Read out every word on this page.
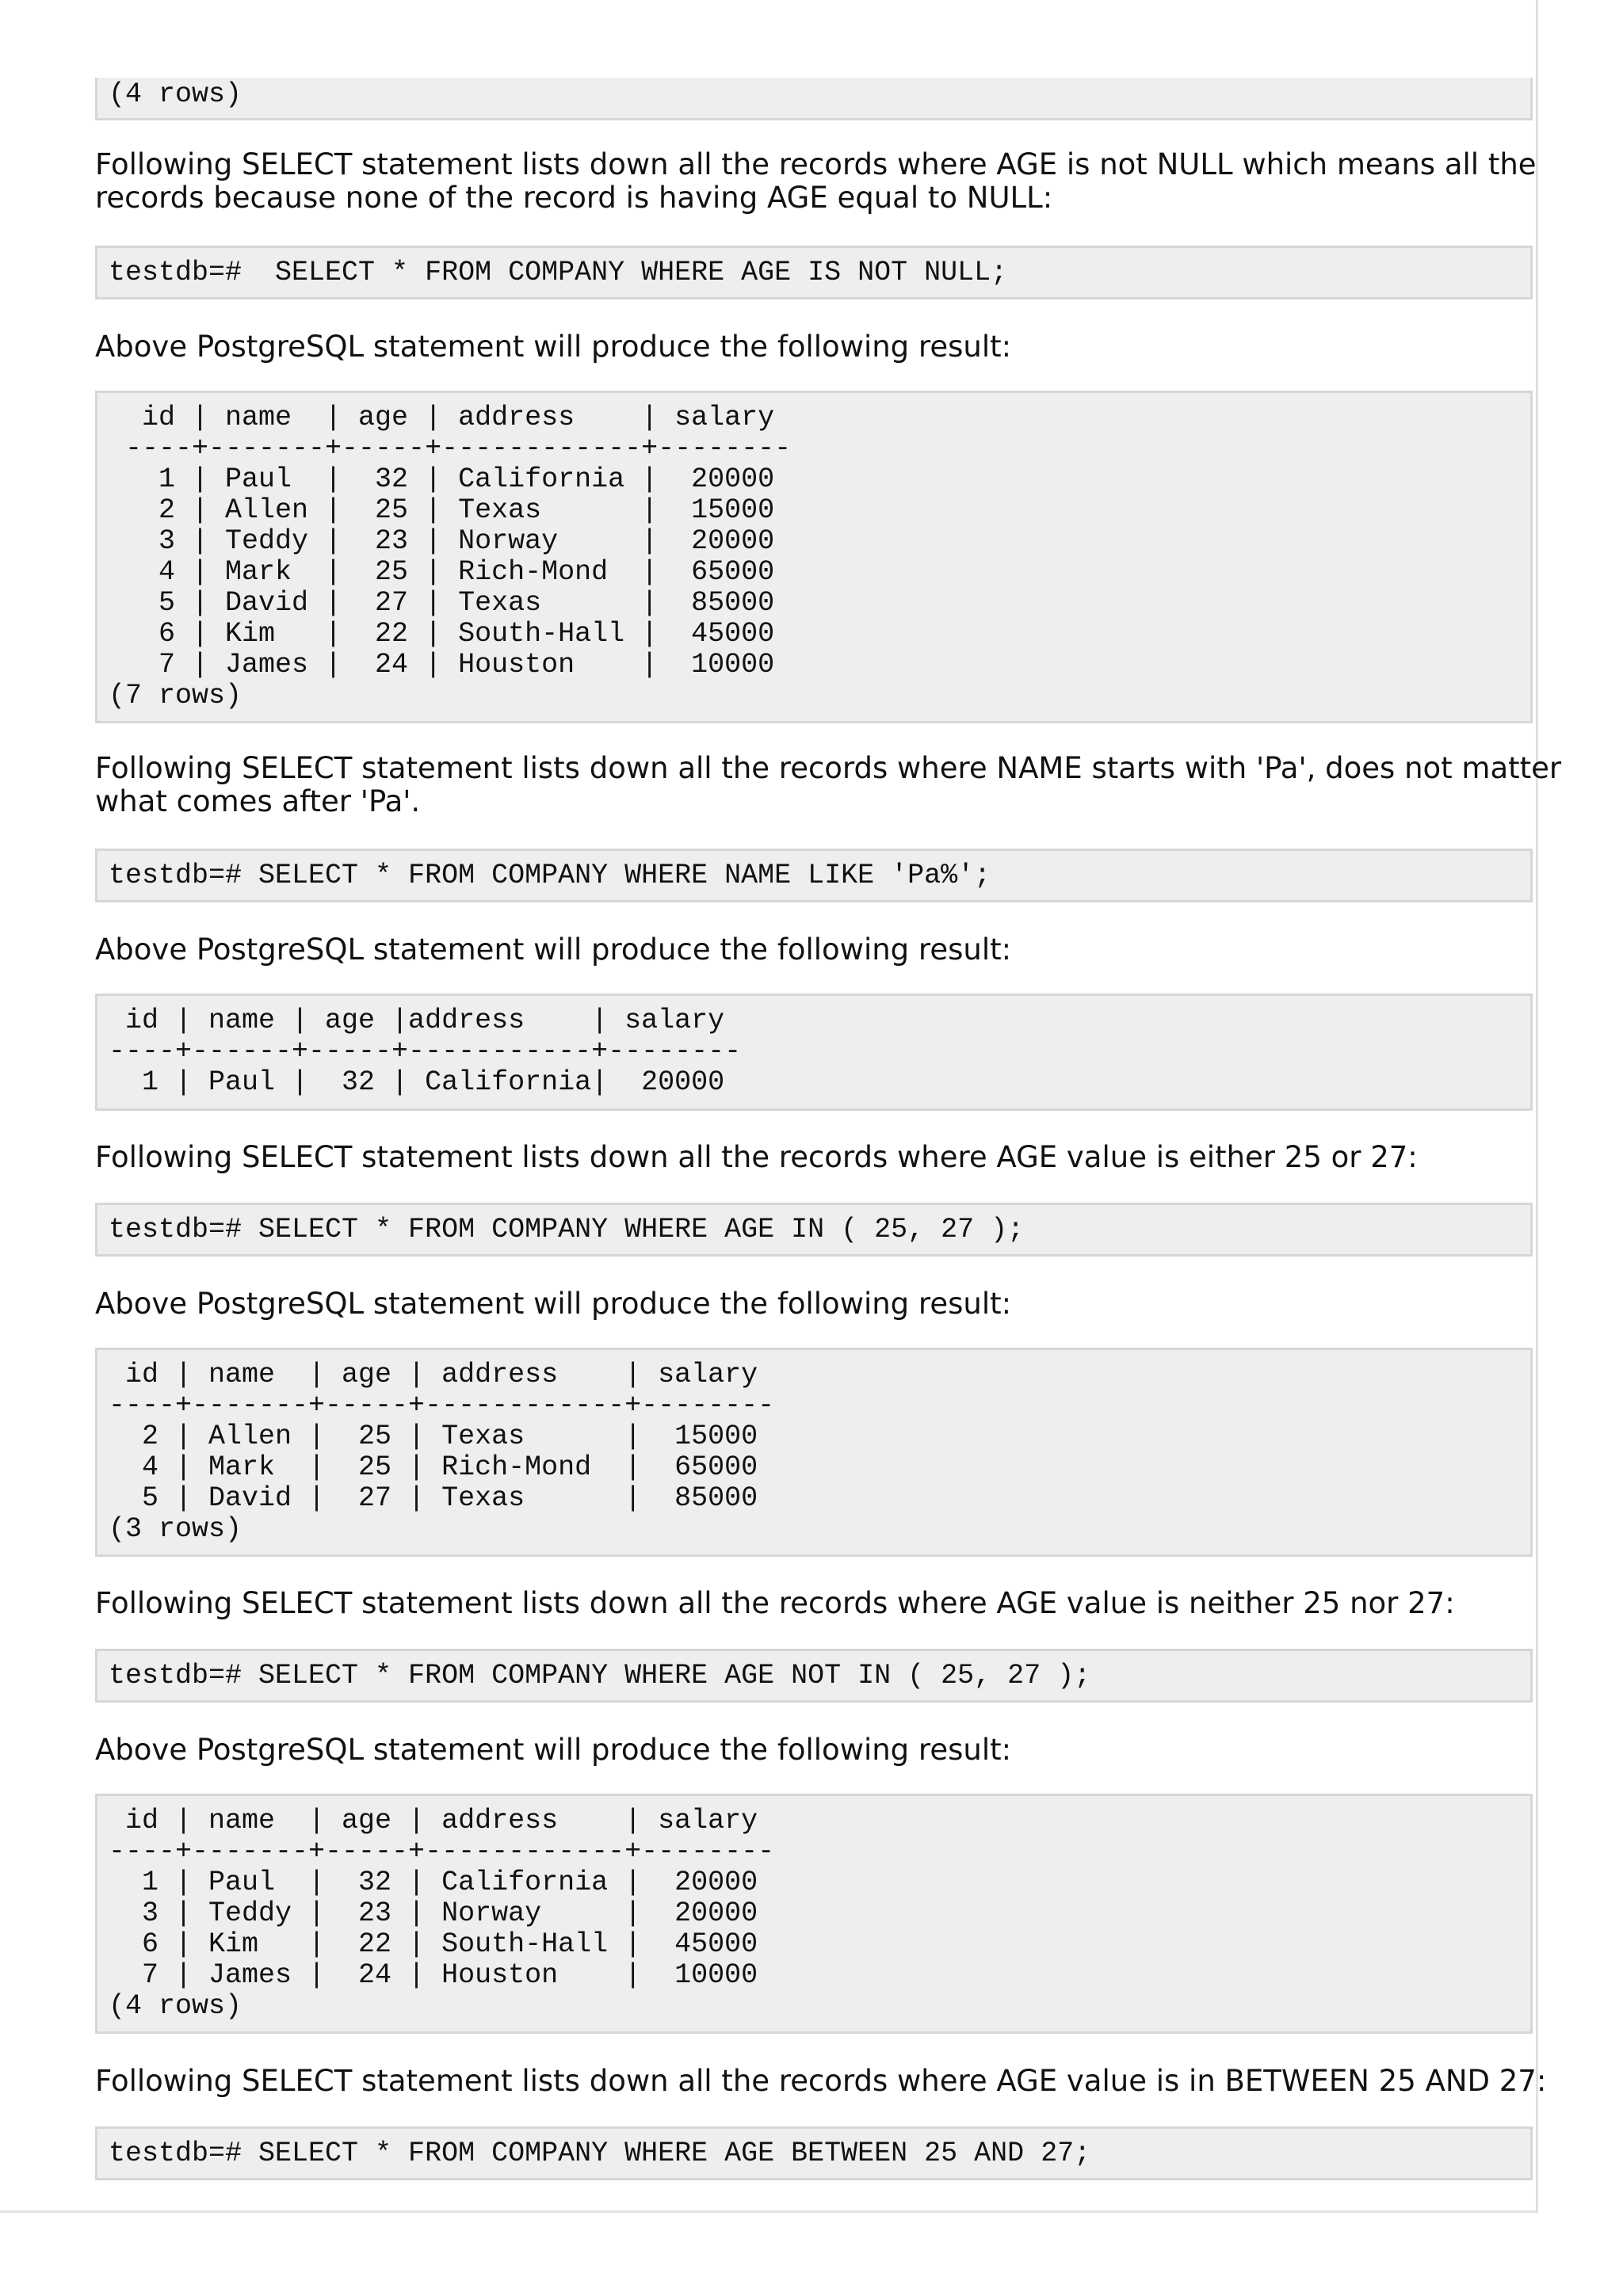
(4 rows)
Following SELECT statement lists down all the records where AGE is not NULL which means all the
records because none of the record is having AGE equal to NULL:
testdb=#  SELECT * FROM COMPANY WHERE AGE IS NOT NULL;
Above PostgreSQL statement will produce the following result:
id | name  | age | address    | salary
----+-------+-----+------------+--------
1 | Paul  |  32 | California |  20000
2 | Allen |  25 | Texas      |  15000
3 | Teddy |  23 | Norway     |  20000
4 | Mark  |  25 | Rich-Mond  |  65000
5 | David |  27 | Texas      |  85000
6 | Kim   |  22 | South-Hall |  45000
7 | James |  24 | Houston    |  10000
(7 rows)
Following SELECT statement lists down all the records where NAME starts with 'Pa', does not matter
what comes after 'Pa'.
testdb=# SELECT * FROM COMPANY WHERE NAME LIKE 'Pa%';
Above PostgreSQL statement will produce the following result:
id | name | age |address    | salary
----+------+-----+-----------+--------
1 | Paul |  32 | California|  20000
Following SELECT statement lists down all the records where AGE value is either 25 or 27:
testdb=# SELECT * FROM COMPANY WHERE AGE IN ( 25, 27 );
Above PostgreSQL statement will produce the following result:
id | name  | age | address    | salary
----+-------+-----+------------+--------
2 | Allen |  25 | Texas      |  15000
4 | Mark  |  25 | Rich-Mond  |  65000
5 | David |  27 | Texas      |  85000
(3 rows)
Following SELECT statement lists down all the records where AGE value is neither 25 nor 27:
testdb=# SELECT * FROM COMPANY WHERE AGE NOT IN ( 25, 27 );
Above PostgreSQL statement will produce the following result:
id | name  | age | address    | salary
----+-------+-----+------------+--------
1 | Paul  |  32 | California |  20000
3 | Teddy |  23 | Norway     |  20000
6 | Kim   |  22 | South-Hall |  45000
7 | James |  24 | Houston    |  10000
(4 rows)
Following SELECT statement lists down all the records where AGE value is in BETWEEN 25 AND 27:
testdb=# SELECT * FROM COMPANY WHERE AGE BETWEEN 25 AND 27;
